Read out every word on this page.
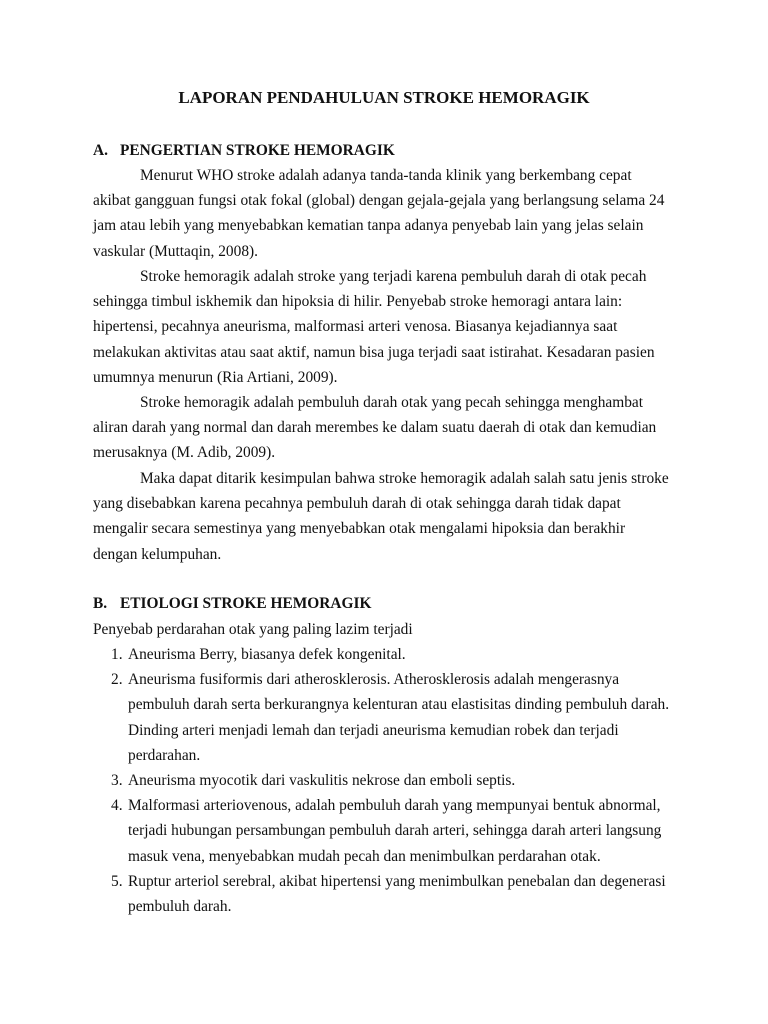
LAPORAN PENDAHULUAN STROKE HEMORAGIK
A. PENGERTIAN STROKE HEMORAGIK
Menurut WHO stroke adalah adanya tanda-tanda klinik yang berkembang cepat
akibat gangguan fungsi otak fokal (global) dengan gejala-gejala yang berlangsung selama 24
jam atau lebih yang menyebabkan kematian tanpa adanya penyebab lain yang jelas selain
vaskular (Muttaqin, 2008).
Stroke hemoragik adalah stroke yang terjadi karena pembuluh darah di otak pecah
sehingga timbul iskhemik dan hipoksia di hilir. Penyebab stroke hemoragi antara lain:
hipertensi, pecahnya aneurisma, malformasi arteri venosa. Biasanya kejadiannya saat
melakukan aktivitas atau saat aktif, namun bisa juga terjadi saat istirahat. Kesadaran pasien
umumnya menurun (Ria Artiani, 2009).
Stroke hemoragik adalah pembuluh darah otak yang pecah sehingga menghambat
aliran darah yang normal dan darah merembes ke dalam suatu daerah di otak dan kemudian
merusaknya (M. Adib, 2009).
Maka dapat ditarik kesimpulan bahwa stroke hemoragik adalah salah satu jenis stroke
yang disebabkan karena pecahnya pembuluh darah di otak sehingga darah tidak dapat
mengalir secara semestinya yang menyebabkan otak mengalami hipoksia dan berakhir
dengan kelumpuhan.
B. ETIOLOGI STROKE HEMORAGIK
Penyebab perdarahan otak yang paling lazim terjadi
1. Aneurisma Berry, biasanya defek kongenital.
2. Aneurisma fusiformis dari atherosklerosis. Atherosklerosis adalah mengerasnya
pembuluh darah serta berkurangnya kelenturan atau elastisitas dinding pembuluh darah.
Dinding arteri menjadi lemah dan terjadi aneurisma kemudian robek dan terjadi
perdarahan.
3. Aneurisma myocotik dari vaskulitis nekrose dan emboli septis.
4. Malformasi arteriovenous, adalah pembuluh darah yang mempunyai bentuk abnormal,
terjadi hubungan persambungan pembuluh darah arteri, sehingga darah arteri langsung
masuk vena, menyebabkan mudah pecah dan menimbulkan perdarahan otak.
5. Ruptur arteriol serebral, akibat hipertensi yang menimbulkan penebalan dan degenerasi
pembuluh darah.
